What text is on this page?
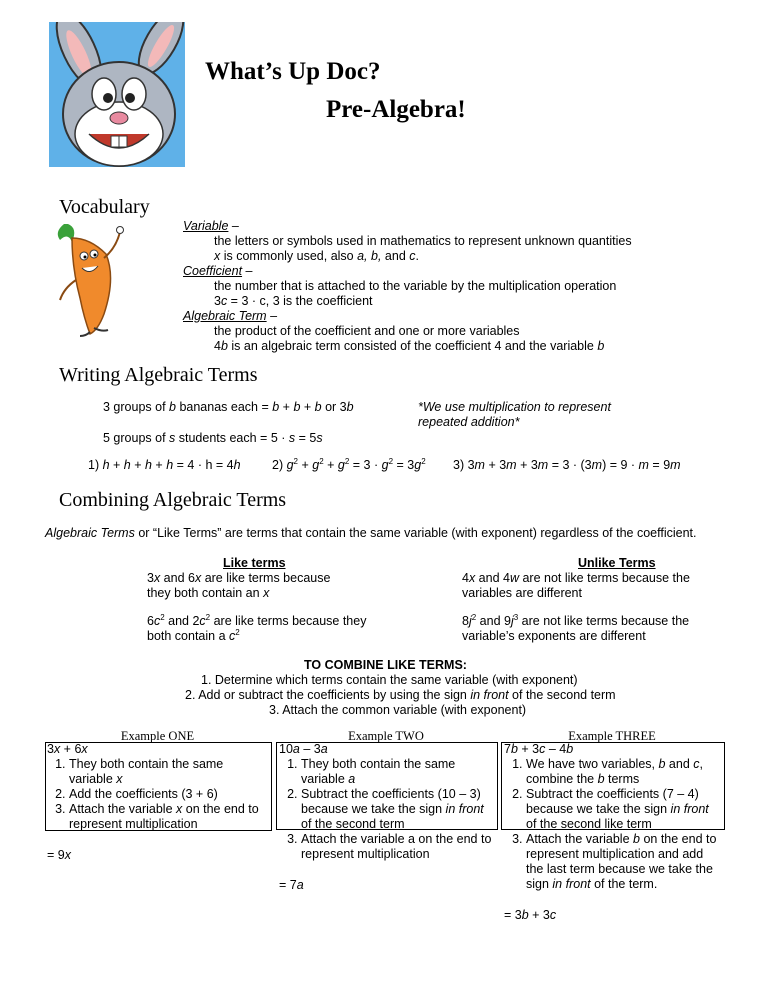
What’s Up Doc?
Pre-Algebra!
Vocabulary
Variable –
the letters or symbols used in mathematics to represent unknown quantities
x is commonly used, also a, b, and c.
Coefficient –
the number that is attached to the variable by the multiplication operation
3c = 3 · c, 3 is the coefficient
Algebraic Term –
the product of the coefficient and one or more variables
4b is an algebraic term consisted of the coefficient 4 and the variable b
Writing Algebraic Terms
3 groups of b bananas each = b + b + b or 3b	*We use multiplication to represent repeated addition*
5 groups of s students each = 5 · s = 5s
1) h + h + h + h = 4 · h = 4h	2) $g^2 + g^2 + g^2 = 3 \cdot g^2 = 3g^2$ 3) 3m + 3m + 3m = 3 · (3m) = 9 · m = 9m
Combining Algebraic Terms
Algebraic Terms or “Like Terms” are terms that contain the same variable (with exponent) regardless of the coefficient.
Like terms	Unlike Terms
3x and 6x are like terms because they both contain an x
4x and 4w are not like terms because the variables are different
$6c^2$ and $2c^2$ are like terms because they both contain a $c^2$
$8j^2$ and $9j^3$ are not like terms because the variable’s exponents are different
TO COMBINE LIKE TERMS:
1. Determine which terms contain the same variable (with exponent)
2. Add or subtract the coefficients by using the sign in front of the second term
3. Attach the common variable (with exponent)
Example ONE	Example TWO	Example THREE
3x + 6x
1. They both contain the same variable x
2. Add the coefficients (3 + 6)
3. Attach the variable x on the end to represent multiplication
= 9x
10a – 3a
1. They both contain the same variable a
2. Subtract the coefficients (10 – 3) because we take the sign in front of the second term
3. Attach the variable a on the end to represent multiplication
= 7a
7b + 3c – 4b
1. We have two variables, b and c, combine the b terms
2. Subtract the coefficients (7 – 4) because we take the sign in front of the second like term
3. Attach the variable b on the end to represent multiplication and add the last term because we take the sign in front of the term.
= 3b + 3c
